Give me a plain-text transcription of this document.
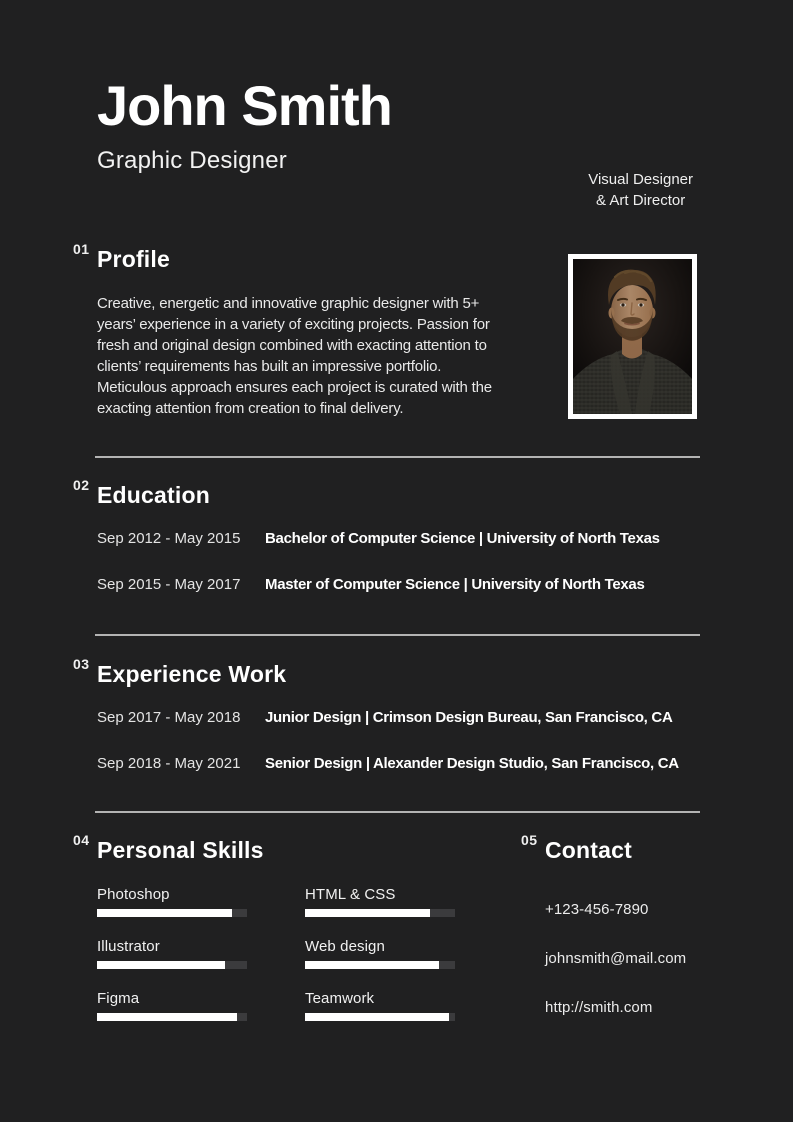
John Smith
Graphic Designer
Visual Designer
& Art Director
01 Profile
Creative, energetic and innovative graphic designer with 5+
years’ experience in a variety of exciting projects. Passion for
fresh and original design combined with exacting attention to
clients’ requirements has built an impressive portfolio.
Meticulous approach ensures each project is curated with the
exacting attention from creation to final delivery.
02 Education
Sep 2012 - May 2015	Bachelor of Computer Science | University of North Texas
Sep 2015 - May 2017	Master of Computer Science | University of North Texas
03 Experience Work
Sep 2017 - May 2018	Junior Design | Crimson Design Bureau, San Francisco, CA
Sep 2018 - May 2021	Senior Design | Alexander Design Studio, San Francisco, CA
04 Personal Skills
Photoshop	HTML & CSS
Illustrator	Web design
Figma	Teamwork
05 Contact
+123-456-7890
johnsmith@mail.com
http://smith.com
